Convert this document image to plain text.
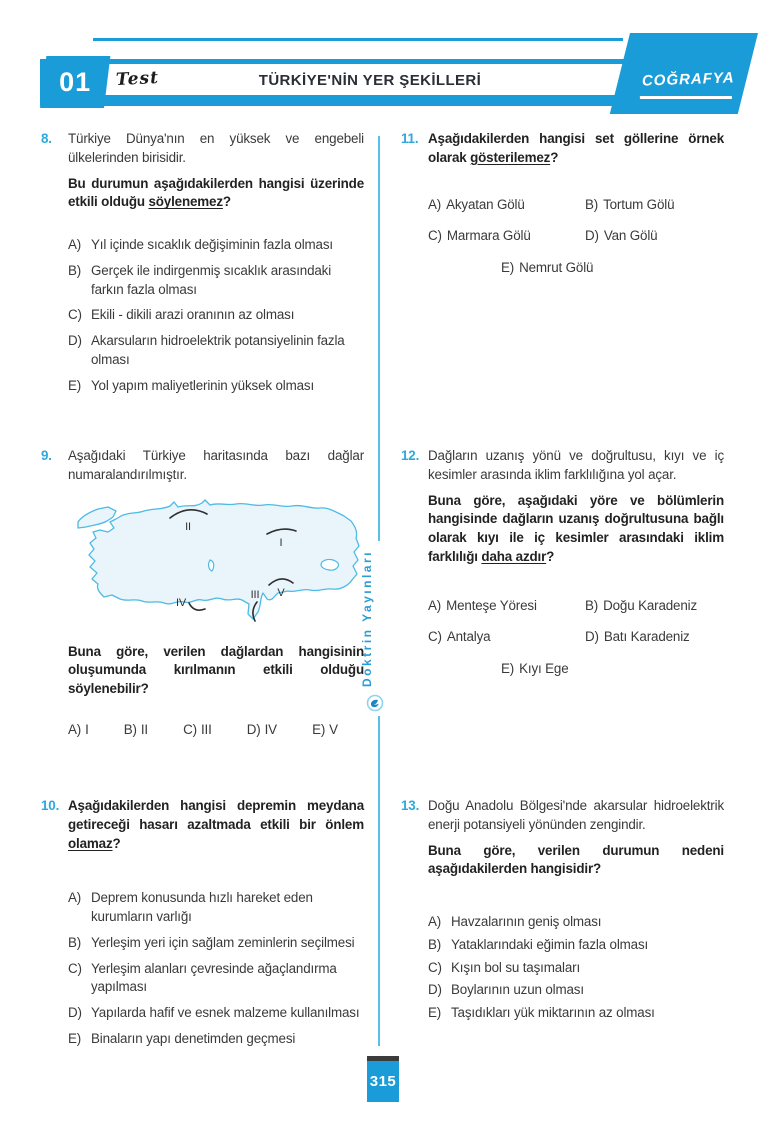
01 Test	TÜRKİYE'NİN YER ŞEKİLLERİ	COĞRAFYA
Doktrin Yayınları
315
8. Türkiye Dünya'nın en yüksek ve engebeli ülkelerinden birisidir.

Bu durumun aşağıdakilerden hangisi üzerinde etkili olduğu söylenemez?

A) Yıl içinde sıcaklık değişiminin fazla olması
B) Gerçek ile indirgenmiş sıcaklık arasındaki farkın fazla olması
C) Ekili - dikili arazi oranının az olması
D) Akarsuların hidroelektrik potansiyelinin fazla olması
E) Yol yapım maliyetlerinin yüksek olması
9. Aşağıdaki Türkiye haritasında bazı dağlar numaralandırılmıştır.

I
II
III
IV
V

Buna göre, verilen dağlardan hangisinin oluşumunda kırılmanın etkili olduğu söylenebilir?

A) I	B) II	C) III	D) IV	E) V
10. Aşağıdakilerden hangisi depremin meydana getireceği hasarı azaltmada etkili bir önlem olamaz?

A) Deprem konusunda hızlı hareket eden kurumların varlığı
B) Yerleşim yeri için sağlam zeminlerin seçilmesi
C) Yerleşim alanları çevresinde ağaçlandırma yapılması
D) Yapılarda hafif ve esnek malzeme kullanılması
E) Binaların yapı denetimden geçmesi
11. Aşağıdakilerden hangisi set göllerine örnek olarak gösterilemez?

A) Akyatan Gölü	B) Tortum Gölü
C) Marmara Gölü	D) Van Gölü
E) Nemrut Gölü
12. Dağların uzanış yönü ve doğrultusu, kıyı ve iç kesimler arasında iklim farklılığına yol açar.

Buna göre, aşağıdaki yöre ve bölümlerin hangisinde dağların uzanış doğrultusuna bağlı olarak kıyı ile iç kesimler arasındaki iklim farklılığı daha azdır?

A) Menteşe Yöresi	B) Doğu Karadeniz
C) Antalya	D) Batı Karadeniz
E) Kıyı Ege
13. Doğu Anadolu Bölgesi'nde akarsular hidroelektrik enerji potansiyeli yönünden zengindir.

Buna göre, verilen durumun nedeni aşağıdakilerden hangisidir?

A) Havzalarının geniş olması
B) Yataklarındaki eğimin fazla olması
C) Kışın bol su taşımaları
D) Boylarının uzun olması
E) Taşıdıkları yük miktarının az olması
